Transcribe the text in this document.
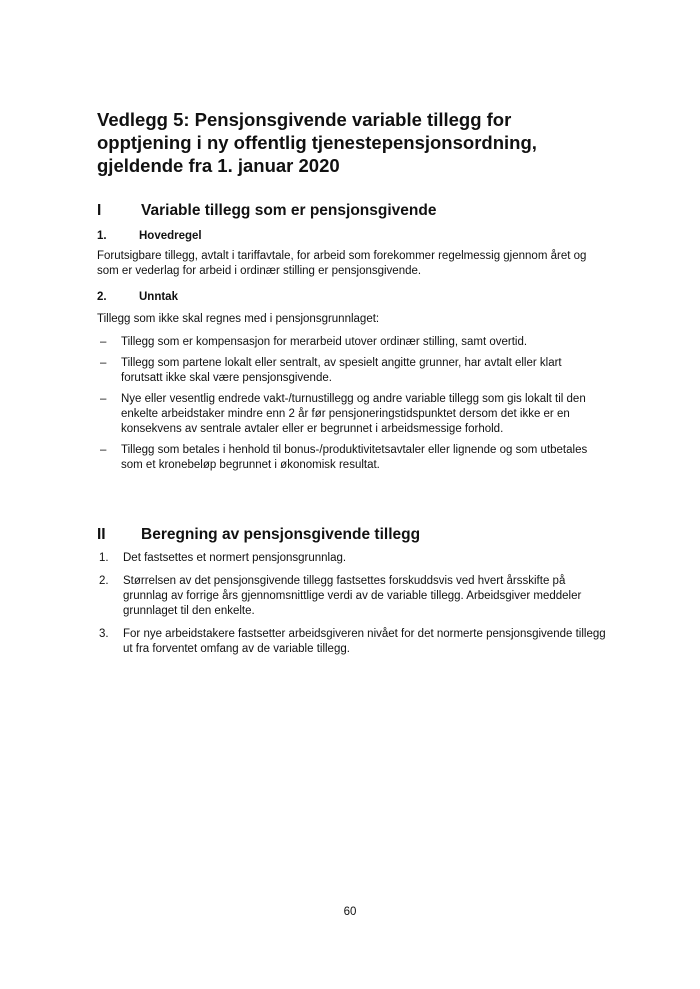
Vedlegg 5: Pensjonsgivende variable tillegg for opptjening i ny offentlig tjenestepensjonsordning, gjeldende fra 1. januar 2020
I	Variable tillegg som er pensjonsgivende
1.	Hovedregel

Forutsigbare tillegg, avtalt i tariffavtale, for arbeid som forekommer regelmessig gjennom året og som er vederlag for arbeid i ordinær stilling er pensjonsgivende.

2.	Unntak

Tillegg som ikke skal regnes med i pensjonsgrunnlaget:

– Tillegg som er kompensasjon for merarbeid utover ordinær stilling, samt overtid.
– Tillegg som partene lokalt eller sentralt, av spesielt angitte grunner, har avtalt eller klart forutsatt ikke skal være pensjonsgivende.
– Nye eller vesentlig endrede vakt-/turnustillegg og andre variable tillegg som gis lokalt til den enkelte arbeidstaker mindre enn 2 år før pensjoneringstidspunktet dersom det ikke er en konsekvens av sentrale avtaler eller er begrunnet i arbeidsmessige forhold.
– Tillegg som betales i henhold til bonus-/produktivitetsavtaler eller lignende og som utbetales som et kronebeløp begrunnet i økonomisk resultat.
II Beregning av pensjonsgivende tillegg
1. Det fastsettes et normert pensjonsgrunnlag.
2. Størrelsen av det pensjonsgivende tillegg fastsettes forskuddsvis ved hvert årsskifte på grunnlag av forrige års gjennomsnittlige verdi av de variable tillegg. Arbeidsgiver meddeler grunnlaget til den enkelte.
3. For nye arbeidstakere fastsetter arbeidsgiveren nivået for det normerte pensjonsgivende tillegg ut fra forventet omfang av de variable tillegg.
60
